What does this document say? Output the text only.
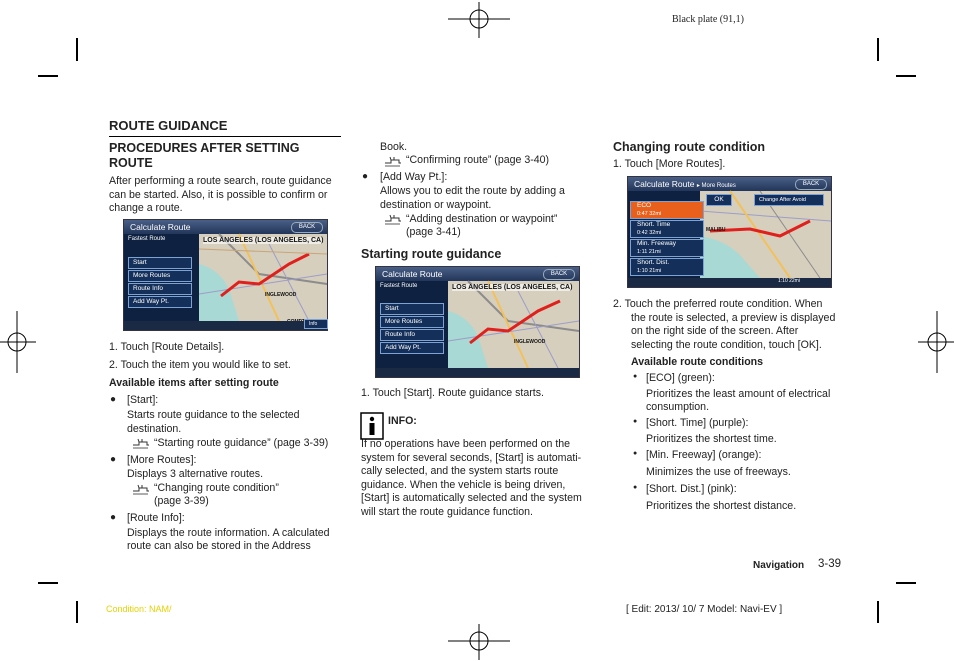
Black plate (91,1)
ROUTE GUIDANCE
PROCEDURES AFTER SETTING
ROUTE
After performing a route search, route guidance
can be started. Also, it is possible to confirm or
change a route.
Calculate Route	BACK
Fastest Route	LOS ANGELES (LOS ANGELES, CA)
INGLEWOOD
Start
More Routes
Route Info
Add Way Pt.
Info
1. Touch [Route Details].
2. Touch the item you would like to set.
Available items after setting route
● [Start]:
Starts route guidance to the selected
destination.
“Starting route guidance” (page 3-39)
● [More Routes]:
Displays 3 alternative routes.
“Changing route condition”
(page 3-39)
● [Route Info]:
Displays the route information. A calculated
route can also be stored in the Address
Book.
“Confirming route” (page 3-40)
● [Add Way Pt.]:
Allows you to edit the route by adding a
destination or waypoint.
“Adding destination or waypoint”
(page 3-41)
Starting route guidance
Calculate Route	BACK
Fastest Route	LOS ANGELES (LOS ANGELES, CA)
INGLEWOOD
Start
More Routes
Route Info
Add Way Pt.
1. Touch [Start]. Route guidance starts.
INFO:
If no operations have been performed on the
system for several seconds, [Start] is automati-
cally selected, and the system starts route
guidance. When the vehicle is being driven,
[Start] is automatically selected and the system
will start the route guidance function.
Changing route condition
1. Touch [More Routes].
Calculate Route ▸ More Routes	BACK
MALIBU
OK	Change After Avoid
ECO
0:47 32mi
Short. Time
0:42 32mi
Min. Freeway
1:11 21mi
Short. Dist.
1:10 21mi
1:10 22mi
2. Touch the preferred route condition. When
the route is selected, a preview is displayed
on the right side of the screen. After
selecting the route condition, touch [OK].
Available route conditions
● [ECO] (green):
Prioritizes the least amount of electrical
consumption.
● [Short. Time] (purple):
Prioritizes the shortest time.
● [Min. Freeway] (orange):
Minimizes the use of freeways.
● [Short. Dist.] (pink):
Prioritizes the shortest distance.
Navigation 3-39
Condition: NAM/	[ Edit: 2013/ 10/ 7 Model: Navi-EV ]
